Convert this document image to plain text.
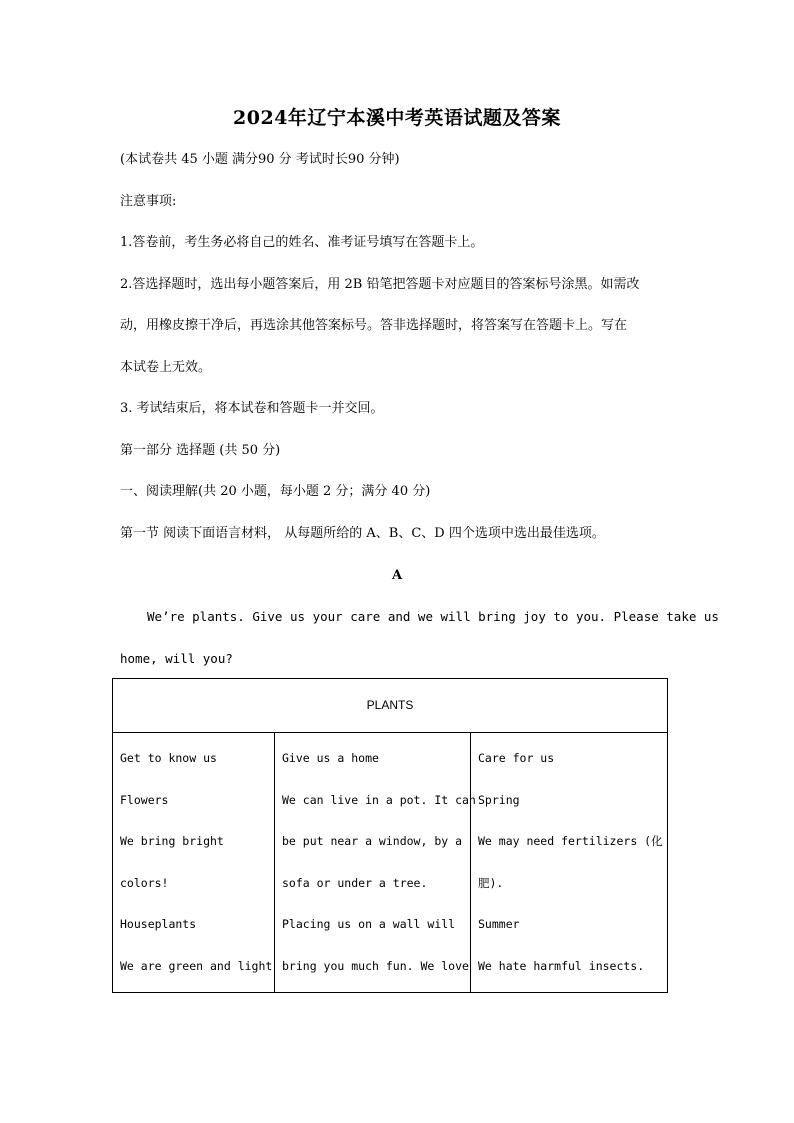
2024年辽宁本溪中考英语试题及答案
(本试卷共 45 小题 满分90 分 考试时长90 分钟)
注意事项:
1.答卷前，考生务必将自己的姓名、准考证号填写在答题卡上。
2.答选择题时，选出每小题答案后，用 2B 铅笔把答题卡对应题目的答案标号涂黑。如需改
动，用橡皮擦干净后，再选涂其他答案标号。答非选择题时，将答案写在答题卡上。写在
本试卷上无效。
3. 考试结束后，将本试卷和答题卡一并交回。
第一部分 选择题 (共 50 分)
一、阅读理解(共 20 小题，每小题 2 分；满分 40 分)
第一节 阅读下面语言材料， 从每题所给的 A、B、C、D 四个选项中选出最佳选项。
A
We’re plants. Give us your care and we will bring joy to you. Please take us
home, will you?
PLANTS
Get to know us
Flowers
We bring bright
colors!
Houseplants
We are green and light
Give us a home
We can live in a pot. It can
be put near a window, by a
sofa or under a tree.
Placing us on a wall will
bring you much fun. We love
Care for us
Spring
We may need fertilizers (化
肥).
Summer
We hate harmful insects.
